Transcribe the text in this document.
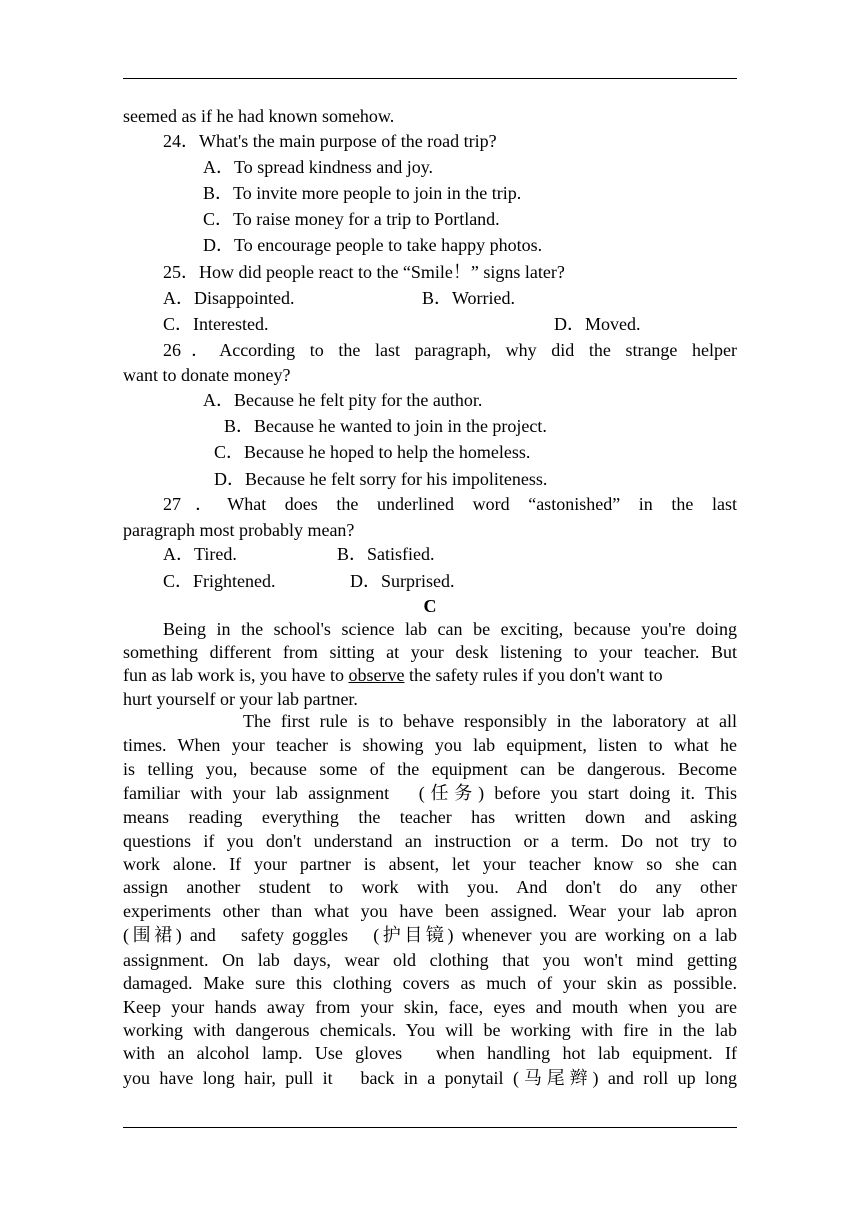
seemed as if he had known somehow.
24．What's the main purpose of the road trip?
A．To spread kindness and joy.
B．To invite more people to join in the trip.
C．To raise money for a trip to Portland.
D．To encourage people to take happy photos.
25．How did people react to the “Smile！” signs later?
A．Disappointed.	B．Worried.
C．Interested.	D．Moved.
26．According to the last paragraph, why did the strange helper
want to donate money?
A．Because he felt pity for the author.
B．Because he wanted to join in the project.
C．Because he hoped to help the homeless.
D．Because he felt sorry for his impoliteness.
27．What does the underlined word “astonished” in the last
paragraph most probably mean?
A．Tired.	B．Satisfied.
C．Frightened.	D．Surprised.
C
Being in the school's science lab can be exciting, because you're doing
something different from sitting at your desk listening to your teacher. But
fun as lab work is, you have to observe the safety rules if you don't want to
hurt yourself or your lab partner.
The first rule is to behave responsibly in the laboratory at all
times. When your teacher is showing you lab equipment, listen to what he
is telling you, because some of the equipment can be dangerous. Become
familiar with your lab assignment　(任务) before you start doing it. This
means reading everything the teacher has written down and asking
questions if you don't understand an instruction or a term. Do not try to
work alone. If your partner is absent, let your teacher know so she can
assign another student to work with you. And don't do any other
experiments other than what you have been assigned. Wear your lab apron
(围裙) and　safety goggles　(护目镜) whenever you are working on a lab
assignment. On lab days, wear old clothing that you won't mind getting
damaged. Make sure this clothing covers as much of your skin as possible.
Keep your hands away from your skin, face, eyes and mouth when you are
working with dangerous chemicals. You will be working with fire in the lab
with an alcohol lamp. Use gloves　when handling hot lab equipment. If
you have long hair, pull it　back in a ponytail (马尾辫) and roll up long
